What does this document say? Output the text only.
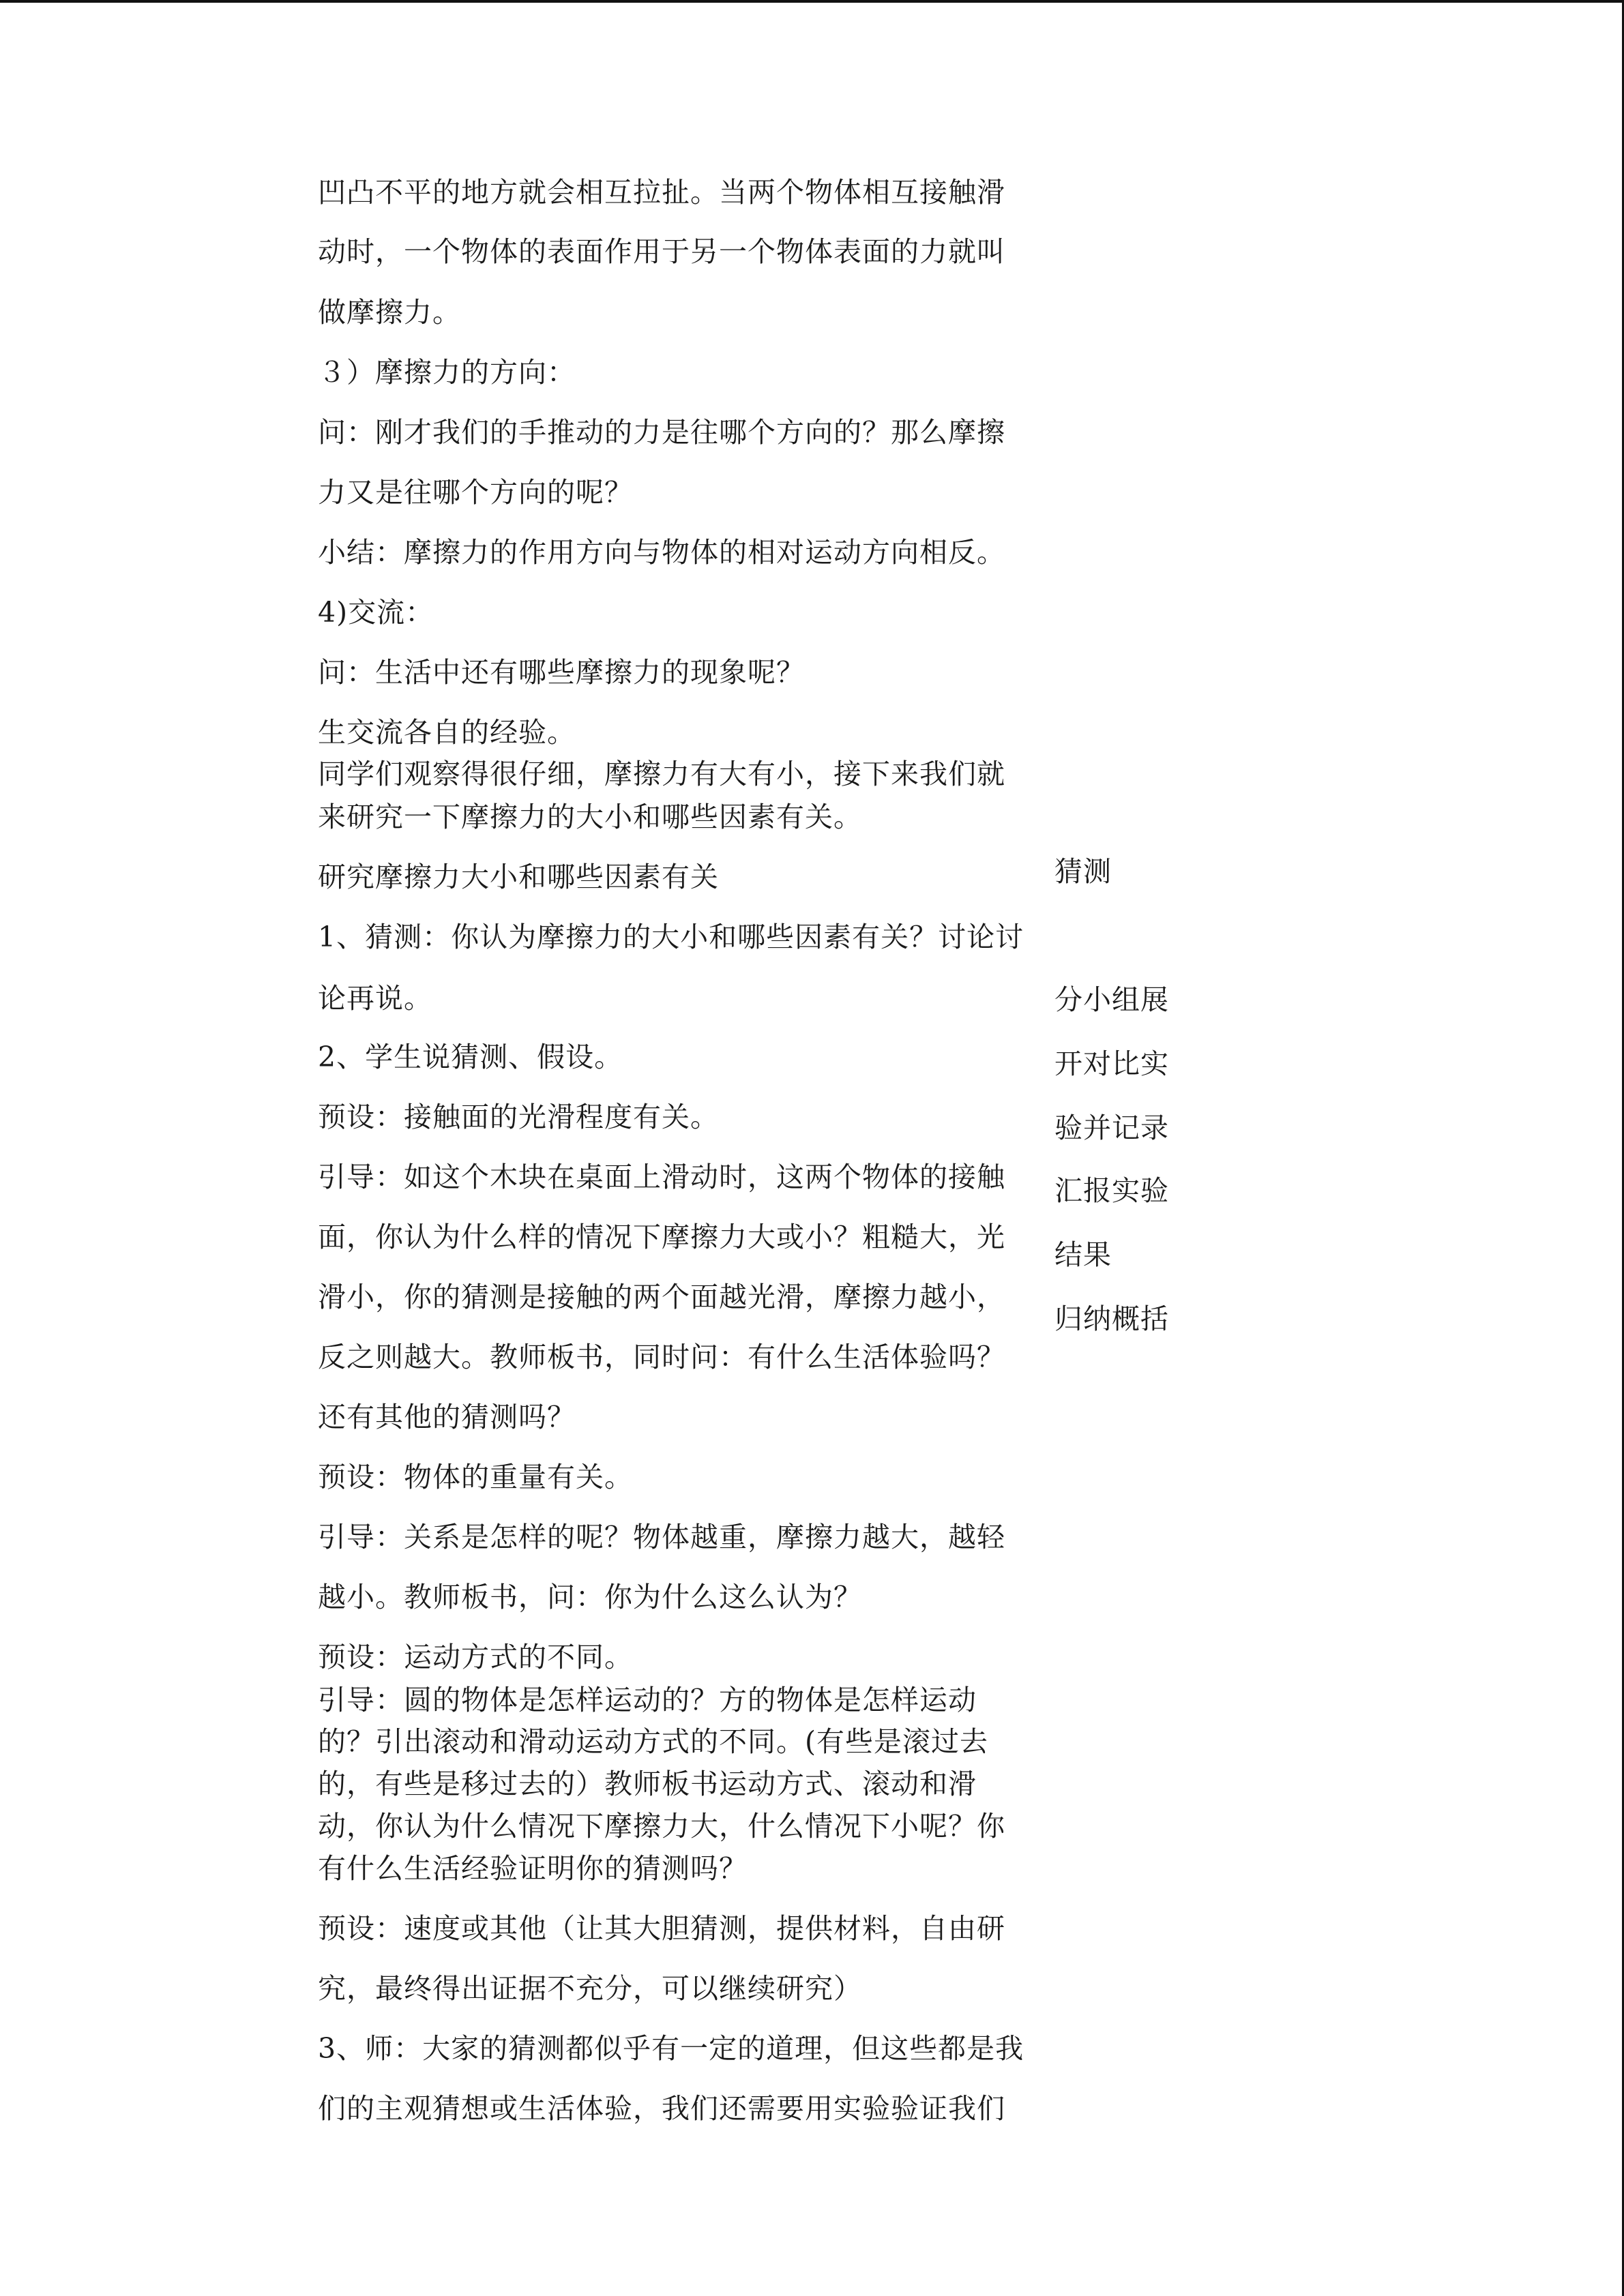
凹凸不平的地方就会相互拉扯。当两个物体相互接触滑
动时，一个物体的表面作用于另一个物体表面的力就叫
做摩擦力。
３）摩擦力的方向：
问：刚才我们的手推动的力是往哪个方向的？那么摩擦
力又是往哪个方向的呢？
小结：摩擦力的作用方向与物体的相对运动方向相反。
4)交流：
问：生活中还有哪些摩擦力的现象呢？
生交流各自的经验。
同学们观察得很仔细，摩擦力有大有小，接下来我们就
来研究一下摩擦力的大小和哪些因素有关。
研究摩擦力大小和哪些因素有关
1、猜测：你认为摩擦力的大小和哪些因素有关？讨论讨
论再说。
2、学生说猜测、假设。
预设：接触面的光滑程度有关。
引导：如这个木块在桌面上滑动时，这两个物体的接触
面，你认为什么样的情况下摩擦力大或小？粗糙大，光
滑小，你的猜测是接触的两个面越光滑，摩擦力越小，
反之则越大。教师板书，同时问：有什么生活体验吗？
还有其他的猜测吗？
预设：物体的重量有关。
引导：关系是怎样的呢？物体越重，摩擦力越大，越轻
越小。教师板书，问：你为什么这么认为？
预设：运动方式的不同。
引导：圆的物体是怎样运动的？方的物体是怎样运动
的？引出滚动和滑动运动方式的不同。(有些是滚过去
的，有些是移过去的）教师板书运动方式、滚动和滑
动，你认为什么情况下摩擦力大，什么情况下小呢？你
有什么生活经验证明你的猜测吗？
预设：速度或其他（让其大胆猜测，提供材料，自由研
究，最终得出证据不充分，可以继续研究）
3、师：大家的猜测都似乎有一定的道理，但这些都是我
们的主观猜想或生活体验，我们还需要用实验验证我们
猜测
分小组展
开对比实
验并记录
汇报实验
结果
归纳概括
